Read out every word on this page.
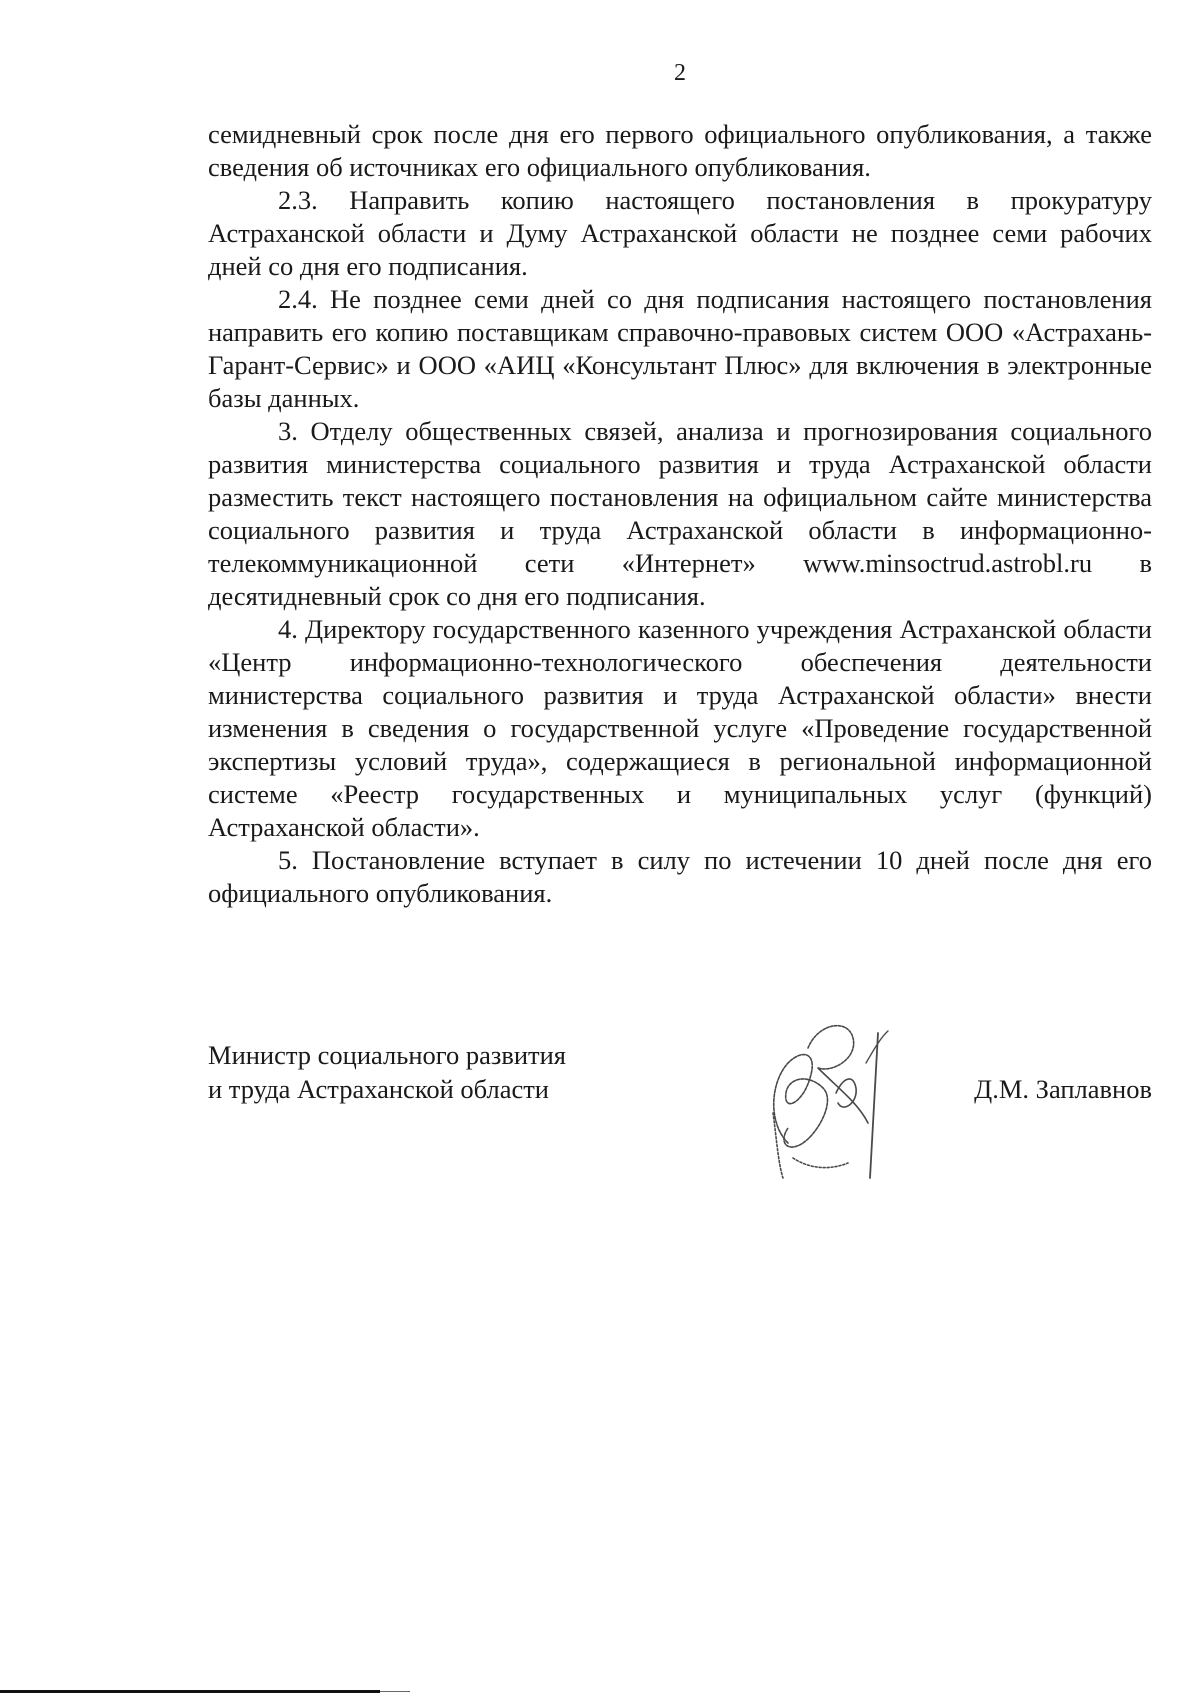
2

семидневный срок после дня его первого официального опубликования, а также сведения об источниках его официального опубликования.

2.3. Направить копию настоящего постановления в прокуратуру Астраханской области и Думу Астраханской области не позднее семи рабочих дней со дня его подписания.

2.4. Не позднее семи дней со дня подписания настоящего постановления направить его копию поставщикам справочно-правовых систем ООО «Астрахань-Гарант-Сервис» и ООО «АИЦ «Консультант Плюс» для включения в электронные базы данных.

3. Отделу общественных связей, анализа и прогнозирования социального развития министерства социального развития и труда Астраханской области разместить текст настоящего постановления на официальном сайте министерства социального развития и труда Астраханской области в информационно-телекоммуникационной сети «Интернет» www.minsoctrud.astrobl.ru в десятидневный срок со дня его подписания.

4. Директору государственного казенного учреждения Астраханской области «Центр информационно-технологического обеспечения деятельности министерства социального развития и труда Астраханской области» внести изменения в сведения о государственной услуге «Проведение государственной экспертизы условий труда», содержащиеся в региональной информационной системе «Реестр государственных и муниципальных услуг (функций) Астраханской области».

5. Постановление вступает в силу по истечении 10 дней после дня его официального опубликования.

Министр социального развития
и труда Астраханской области	Д.М. Заплавнов
